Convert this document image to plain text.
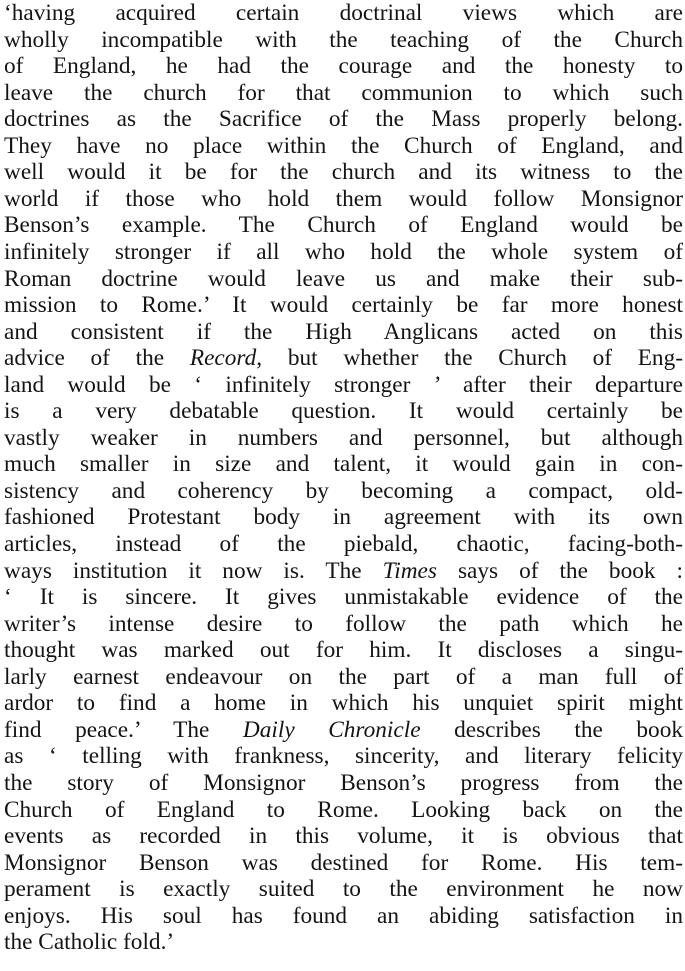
‘having acquired certain doctrinal views which are
wholly incompatible with the teaching of the Church
of England, he had the courage and the honesty to
leave the church for that communion to which such
doctrines as the Sacrifice of the Mass properly belong.
They have no place within the Church of England, and
well would it be for the church and its witness to the
world if those who hold them would follow Monsignor
Benson’s example. The Church of England would be
infinitely stronger if all who hold the whole system of
Roman doctrine would leave us and make their sub-
mission to Rome.’ It would certainly be far more honest
and consistent if the High Anglicans acted on this
advice of the Record, but whether the Church of Eng-
land would be ‘ infinitely stronger ’ after their departure
is a very debatable question. It would certainly be
vastly weaker in numbers and personnel, but although
much smaller in size and talent, it would gain in con-
sistency and coherency by becoming a compact, old-
fashioned Protestant body in agreement with its own
articles, instead of the piebald, chaotic, facing-both-
ways institution it now is. The Times says of the book :
‘ It is sincere. It gives unmistakable evidence of the
writer’s intense desire to follow the path which he
thought was marked out for him. It discloses a singu-
larly earnest endeavour on the part of a man full of
ardor to find a home in which his unquiet spirit might
find peace.’ The Daily Chronicle describes the book
as ‘ telling with frankness, sincerity, and literary felicity
the story of Monsignor Benson’s progress from the
Church of England to Rome. Looking back on the
events as recorded in this volume, it is obvious that
Monsignor Benson was destined for Rome. His tem-
perament is exactly suited to the environment he now
enjoys. His soul has found an abiding satisfaction in
the Catholic fold.’
